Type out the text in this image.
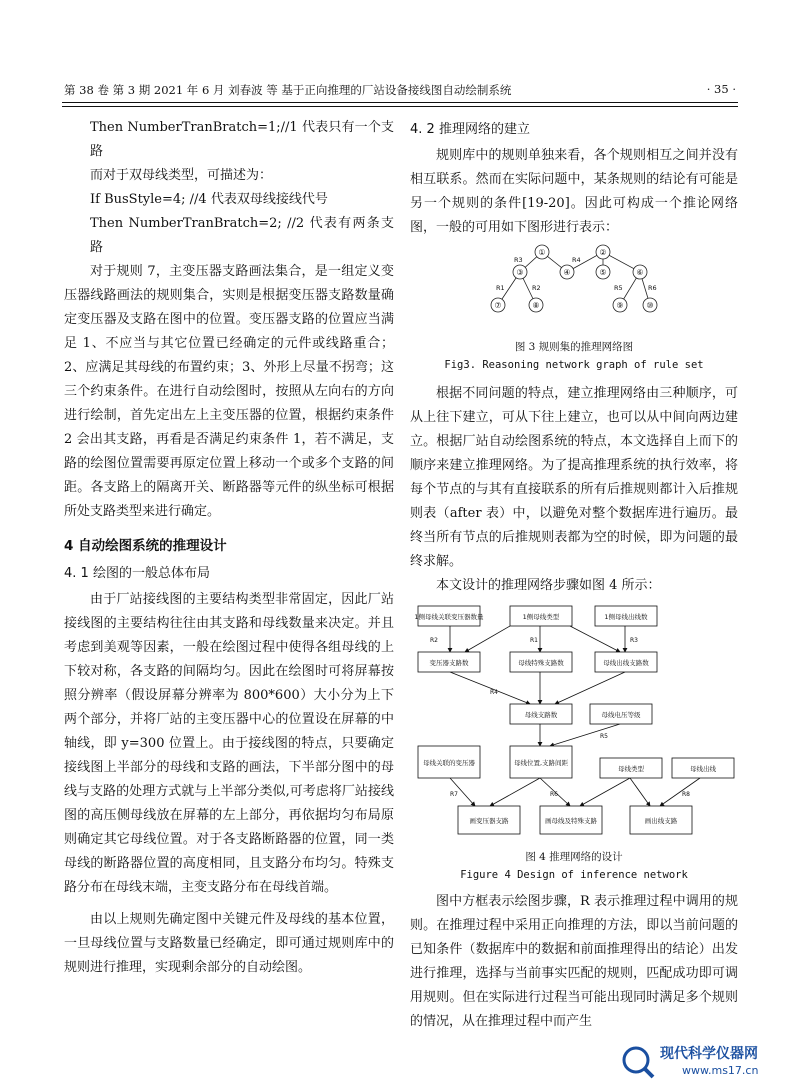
第 38 卷 第 3 期 2021 年 6 月 刘春波 等 基于正向推理的厂站设备接线图自动绘制系统	· 35 ·

Then NumberTranBratch=1;//1 代表只有一个支路

而对于双母线类型，可描述为：

If BusStyle=4; //4 代表双母线接线代号

Then NumberTranBratch=2; //2 代表有两条支路

对于规则 7，主变压器支路画法集合，是一组定义变压器线路画法的规则集合，实则是根据变压器支路数量确定变压器及支路在图中的位置。变压器支路的位置应当满足 1、不应当与其它位置已经确定的元件或线路重合；2、应满足其母线的布置约束；3、外形上尽量不拐弯；这三个约束条件。在进行自动绘图时，按照从左向右的方向进行绘制，首先定出左上主变压器的位置，根据约束条件 2 会出其支路，再看是否满足约束条件 1，若不满足，支路的绘图位置需要再原定位置上移动一个或多个支路的间距。各支路上的隔离开关、断路器等元件的纵坐标可根据所处支路类型来进行确定。

4 自动绘图系统的推理设计
4. 1 绘图的一般总体布局

由于厂站接线图的主要结构类型非常固定，因此厂站接线图的主要结构往往由其支路和母线数量来决定。并且考虑到美观等因素，一般在绘图过程中使得各组母线的上下较对称，各支路的间隔均匀。因此在绘图时可将屏幕按照分辨率（假设屏幕分辨率为 800*600）大小分为上下两个部分，并将厂站的主变压器中心的位置设在屏幕的中轴线，即 y=300 位置上。由于接线图的特点，只要确定接线图上半部分的母线和支路的画法，下半部分图中的母线与支路的处理方式就与上半部分类似,可考虑将厂站接线图的高压侧母线放在屏幕的左上部分，再依据均匀布局原则确定其它母线位置。对于各支路断路器的位置，同一类母线的断路器位置的高度相同，且支路分布均匀。特殊支路分布在母线末端，主变支路分布在母线首端。

由以上规则先确定图中关键元件及母线的基本位置，一旦母线位置与支路数量已经确定，即可通过规则库中的规则进行推理，实现剩余部分的自动绘图。

4. 2 推理网络的建立

规则库中的规则单独来看，各个规则相互之间并没有相互联系。然而在实际问题中，某条规则的结论有可能是另一个规则的条件[19-20]。因此可构成一个推论网络图，一般的可用如下图形进行表示：

①	②
③	④	⑤	⑥
⑦	⑧	⑨	⑩
R3	R4
R1	R2	R5	R6
图 3 规则集的推理网络图
Fig3. Reasoning network graph of rule set

根据不同问题的特点，建立推理网络由三种顺序，可从上往下建立，可从下往上建立，也可以从中间向两边建立。根据厂站自动绘图系统的特点，本文选择自上而下的顺序来建立推理网络。为了提高推理系统的执行效率，将每个节点的与其有直接联系的所有后推规则都计入后推规则表（after 表）中，以避免对整个数据库进行遍历。最终当所有节点的后推规则表都为空的时候，即为问题的最终求解。

本文设计的推理网络步骤如图 4 所示：

1侧母线关联变压器数量	1侧母线类型	1侧母线出线数
变压器支路数	母线特殊支路数	母线出线支路数
母线支路数	母线电压等级
母线关联的变压器	母线位置,支路间距
母线类型	母线出线
画变压器支路	画母线及特殊支路	画出线支路
R2	R1	R3
R4
R5
R7	R6	R8
图 4 推理网络的设计
Figure 4 Design of inference network

图中方框表示绘图步骤，R 表示推理过程中调用的规则。在推理过程中采用正向推理的方法，即以当前问题的已知条件（数据库中的数据和前面推理得出的结论）出发进行推理，选择与当前事实匹配的规则，匹配成功即可调用规则。但在实际进行过程当可能出现同时满足多个规则的情况，从在推理过程中而产生

现代科学仪器网
www.ms17.cn
